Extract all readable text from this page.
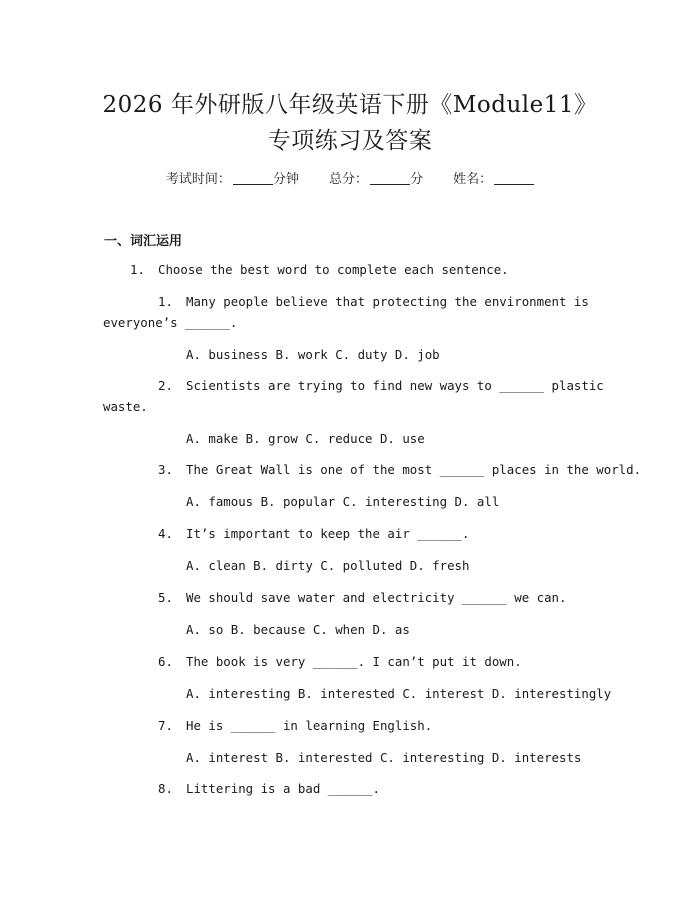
2026 年外研版八年级英语下册《Module11》
专项练习及答案
考试时间：	分钟 总分：	分 姓名：
一、词汇运用
1. Choose the best word to complete each sentence.
1. Many people believe that protecting the environment is
everyone’s ______.
A. business B. work C. duty D. job
2. Scientists are trying to find new ways to ______ plastic
waste.
A. make B. grow C. reduce D. use
3. The Great Wall is one of the most ______ places in the world.
A. famous B. popular C. interesting D. all
4. It’s important to keep the air ______.
A. clean B. dirty C. polluted D. fresh
5. We should save water and electricity ______ we can.
A. so B. because C. when D. as
6. The book is very ______. I can’t put it down.
A. interesting B. interested C. interest D. interestingly
7. He is ______ in learning English.
A. interest B. interested C. interesting D. interests
8. Littering is a bad ______.
